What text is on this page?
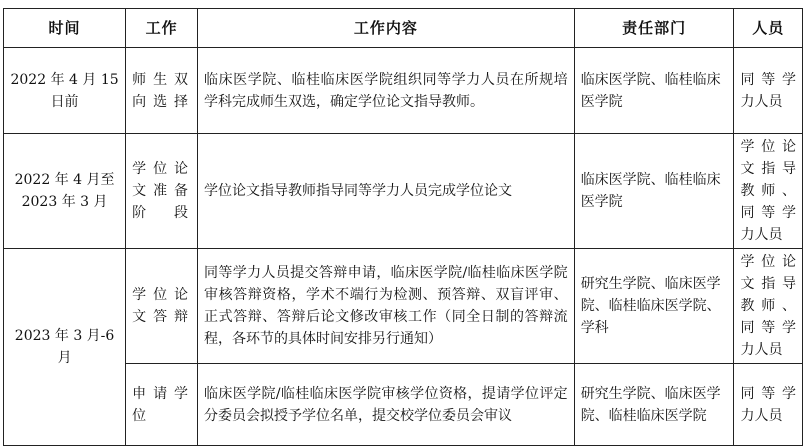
时间	工作	工作内容	责任部门	人员
2022 年 4 月 15 日前	师生双向选择	临床医学院、临桂临床医学院组织同等学力人员在所规培学科完成师生双选，确定学位论文指导教师。	临床医学院、临桂临床医学院	同等学力人员
2022 年 4 月至 2023 年 3 月	学位论文准备阶段	学位论文指导教师指导同等学力人员完成学位论文	临床医学院、临桂临床医学院	学位论文指导教师、同等学力人员
2023 年 3 月-6 月	学位论文答辩	同等学力人员提交答辩申请，临床医学院/临桂临床医学院审核答辩资格，学术不端行为检测、预答辩、双盲评审、正式答辩、答辩后论文修改审核工作（同全日制的答辩流程，各环节的具体时间安排另行通知）	研究生学院、临床医学院、临桂临床医学院、学科	学位论文指导教师、同等学力人员
	申请学位	临床医学院/临桂临床医学院审核学位资格，提请学位评定分委员会拟授予学位名单，提交校学位委员会审议	研究生学院、临床医学院、临桂临床医学院	同等学力人员
